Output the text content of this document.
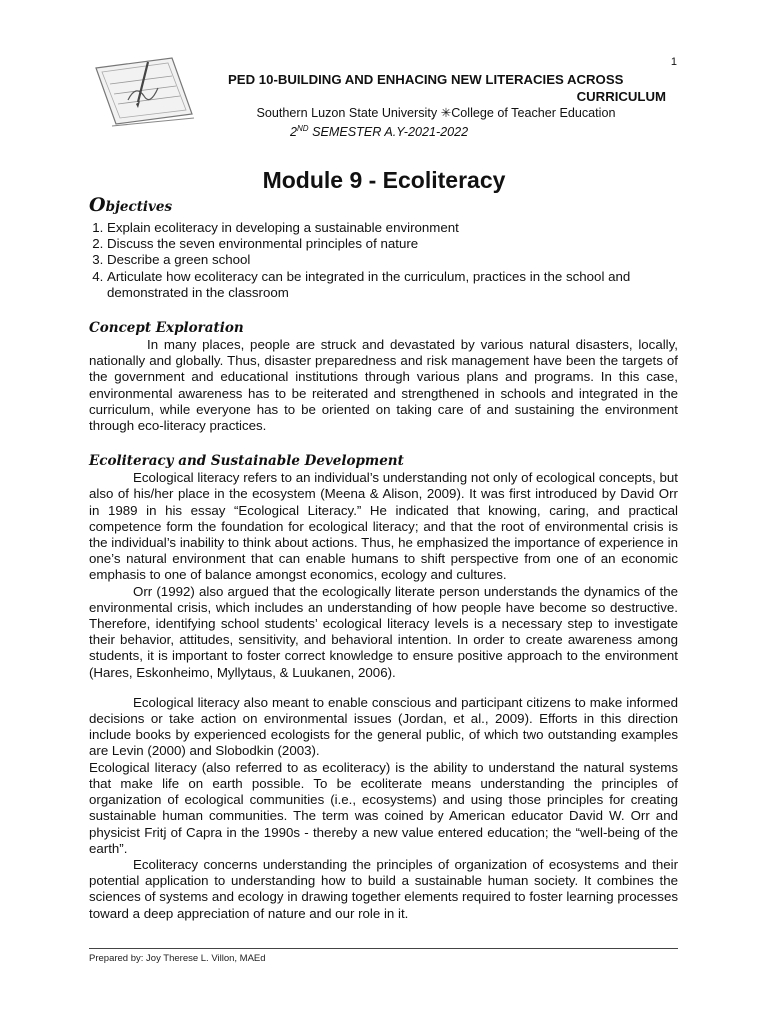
1
PED 10-BUILDING AND ENHACING NEW LITERACIES ACROSS
CURRICULUM
Southern Luzon State University ✳College of Teacher Education
2ND SEMESTER A.Y-2021-2022
Module 9 - Ecoliteracy

Objectives

1. Explain ecoliteracy in developing a sustainable environment
2. Discuss the seven environmental principles of nature
3. Describe a green school
4. Articulate how ecoliteracy can be integrated in the curriculum, practices in the school and demonstrated in the classroom

Concept Exploration

In many places, people are struck and devastated by various natural disasters, locally, nationally and globally. Thus, disaster preparedness and risk management have been the targets of the government and educational institutions through various plans and programs. In this case, environmental awareness has to be reiterated and strengthened in schools and integrated in the curriculum, while everyone has to be oriented on taking care of and sustaining the environment through eco-literacy practices.

Ecoliteracy and Sustainable Development

Ecological literacy refers to an individual’s understanding not only of ecological concepts, but also of his/her place in the ecosystem (Meena & Alison, 2009). It was first introduced by David Orr in 1989 in his essay “Ecological Literacy.” He indicated that knowing, caring, and practical competence form the foundation for ecological literacy; and that the root of environmental crisis is the individual’s inability to think about actions. Thus, he emphasized the importance of experience in one’s natural environment that can enable humans to shift perspective from one of an economic emphasis to one of balance amongst economics, ecology and cultures.

Orr (1992) also argued that the ecologically literate person understands the dynamics of the environmental crisis, which includes an understanding of how people have become so destructive. Therefore, identifying school students’ ecological literacy levels is a necessary step to investigate their behavior, attitudes, sensitivity, and behavioral intention. In order to create awareness among students, it is important to foster correct knowledge to ensure positive approach to the environment (Hares, Eskonheimo, Myllytaus, & Luukanen, 2006).

Ecological literacy also meant to enable conscious and participant citizens to make informed decisions or take action on environmental issues (Jordan, et al., 2009). Efforts in this direction include books by experienced ecologists for the general public, of which two outstanding examples are Levin (2000) and Slobodkin (2003).

Ecological literacy (also referred to as ecoliteracy) is the ability to understand the natural systems that make life on earth possible. To be ecoliterate means understanding the principles of organization of ecological communities (i.e., ecosystems) and using those principles for creating sustainable human communities. The term was coined by American educator David W. Orr and physicist Fritj of Capra in the 1990s - thereby a new value entered education; the “well-being of the earth”.

Ecoliteracy concerns understanding the principles of organization of ecosystems and their potential application to understanding how to build a sustainable human society. It combines the sciences of systems and ecology in drawing together elements required to foster learning processes toward a deep appreciation of nature and our role in it.

Prepared by: Joy Therese L. Villon, MAEd
